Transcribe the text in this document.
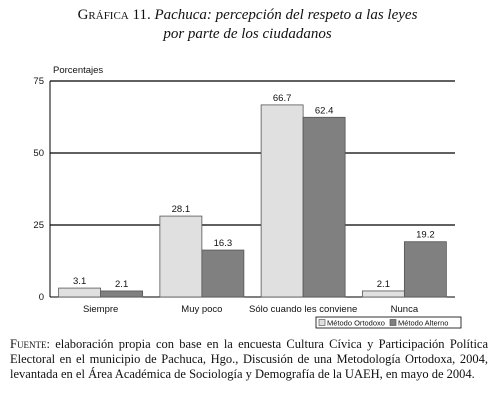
Gráfica 11. Pachuca: percepción del respeto a las leyes
por parte de los ciudadanos
0
25
50
75
Porcentajes
3.1	2.1
Siempre
28.1
16.3
Muy poco
66.7
62.4
Sólo cuando les conviene
2.1
19.2
Nunca
Método Ortodoxo Método Alterno
Fuente: elaboración propia con base en la encuesta Cultura Cívica y Participación Política Electoral en el municipio de Pachuca, Hgo., Discusión de una Metodología Ortodoxa, 2004, levantada en el Área Académica de Sociología y Demografía de la UAEH, en mayo de 2004.
